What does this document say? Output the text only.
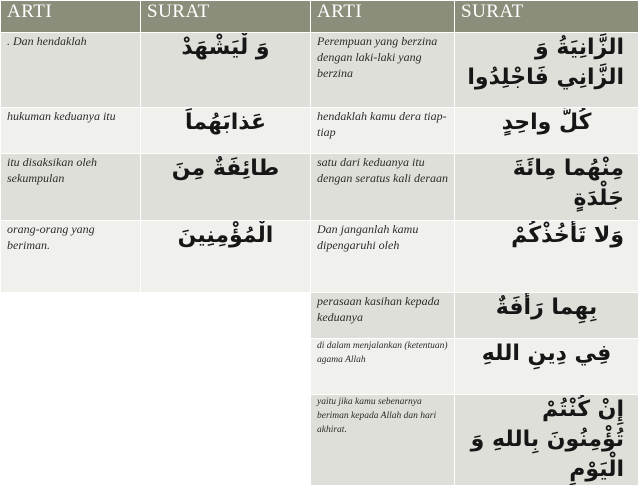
ARTI	SURAT	ARTI	SURAT
. Dan hendaklah	وَ لْيَشْهَدْ	Perempuan yang berzina dengan laki-laki yang berzina	الزَّانِيَةُ وَ الزَّانِي فَاجْلِدُوا
hukuman keduanya itu	عَذابَهُماَ	hendaklah kamu dera tiap-tiap	كُلَّ واحِدٍ
itu disaksikan oleh sekumpulan	طائِفَةٌ مِنَ	satu dari keduanya itu dengan seratus kali deraan	مِنْهُما مِائَةَ جَلْدَةٍ
orang-orang yang beriman.	الْمُؤْمِنِينَ	Dan janganlah kamu dipengaruhi oleh	وَلا تَأْخُذْكُمْ
		perasaan kasihan kepada keduanya	بِهِما رَأْفَةٌ
		di dalam menjalankan (ketentuan) agama Allah	فِي دِينِ اللهِ
		yaitu jika kamu sebenarnya beriman kepada Allah dan hari akhirat.	إِنْ كُنْتُمْ تُؤْمِنُونَ بِاللهِ وَ الْيَوْمِ
